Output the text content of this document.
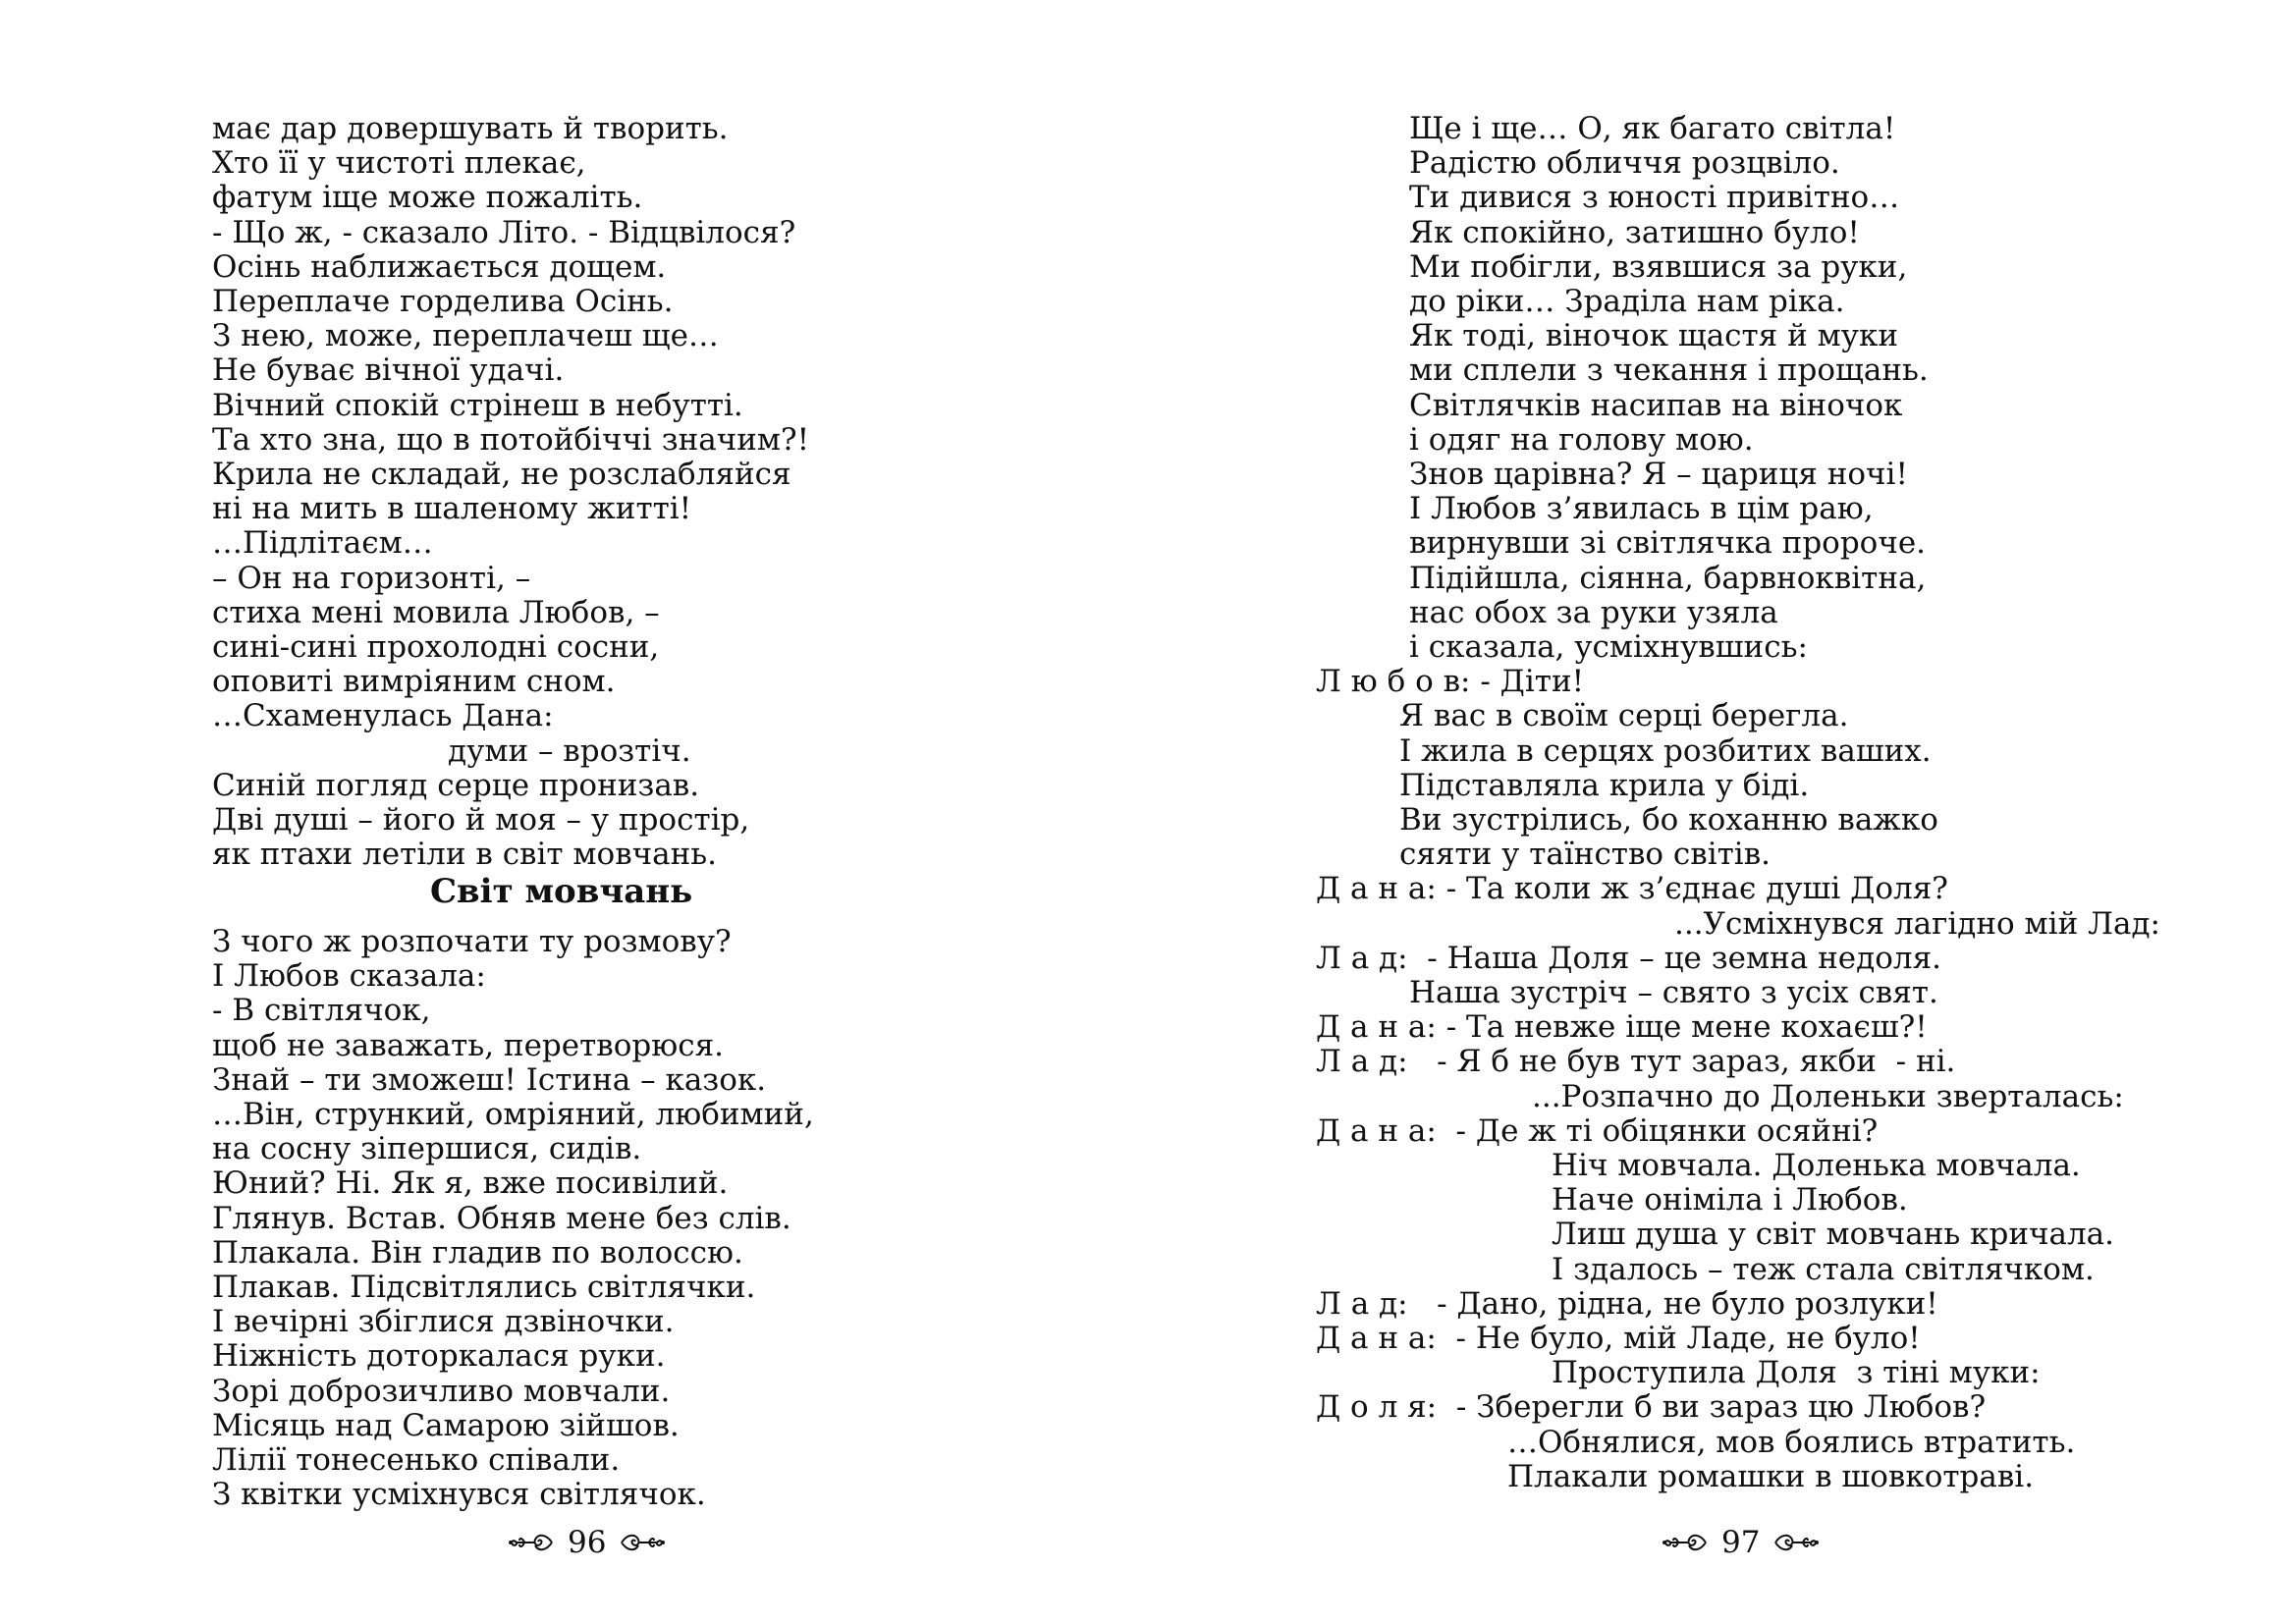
має дар довершувать й творить.
Хто її у чистоті плекає,
фатум іще може пожаліть.
- Що ж, - сказало Літо. - Відцвілося?
Осінь наближається дощем.
Переплаче горделива Осінь.
З нею, може, переплачеш ще…
Не буває вічної удачі.
Вічний спокій стрінеш в небутті.
Та хто зна, що в потойбіччі значим?!
Крила не складай, не розслабляйся
ні на мить в шаленому житті!
…Підлітаєм…
– Он на горизонті, –
стиха мені мовила Любов, –
сині-сині прохолодні сосни,
оповиті вимріяним сном.
…Схаменулась Дана:
думи – врозтіч.
Синій погляд серце пронизав.
Дві душі – його й моя – у простір,
як птахи летіли в світ мовчань.
Світ мовчань
З чого ж розпочати ту розмову?
І Любов сказала:
- В світлячок,
щоб не заважать, перетворюся.
Знай – ти зможеш! Істина – казок.
…Він, стрункий, омріяний, любимий,
на сосну зіпершися, сидів.
Юний? Ні. Як я, вже посивілий.
Глянув. Встав. Обняв мене без слів.
Плакала. Він гладив по волоссю.
Плакав. Підсвітлялись світлячки.
І вечірні збіглися дзвіночки.
Ніжність доторкалася руки.
Зорі доброзичливо мовчали.
Місяць над Самарою зійшов.
Лілії тонесенько співали.
З квітки усміхнувся світлячок.
96
Ще і ще… О, як багато світла!
Радістю обличчя розцвіло.
Ти дивися з юності привітно…
Як спокійно, затишно було!
Ми побігли, взявшися за руки,
до ріки… Зраділа нам ріка.
Як тоді, віночок щастя й муки
ми сплели з чекання і прощань.
Світлячків насипав на віночок
і одяг на голову мою.
Знов царівна? Я – цариця ночі!
І Любов з’явилась в цім раю,
вирнувши зі світлячка пророче.
Підійшла, сіянна, барвноквітна,
нас обох за руки узяла
і сказала, усміхнувшись:
Л ю б о в: - Діти!
Я вас в своїм серці берегла.
І жила в серцях розбитих ваших.
Підставляла крила у біді.
Ви зустрілись, бо коханню важко
сяяти у таїнство світів.
Д а н а: - Та коли ж з’єднає душі Доля?
...Усміхнувся лагідно мій Лад:
Л а д:  - Наша Доля – це земна недоля.
Наша зустріч – свято з усіх свят.
Д а н а: - Та невже іще мене кохаєш?!
Л а д:   - Я б не був тут зараз, якби  - ні.
...Розпачно до Доленьки зверталась:
Д а н а:  - Де ж ті обіцянки осяйні?
Ніч мовчала. Доленька мовчала.
Наче оніміла і Любов.
Лиш душа у світ мовчань кричала.
І здалось – теж стала світлячком.
Л а д:   - Дано, рідна, не було розлуки!
Д а н а:  - Не було, мій Ладе, не було!
Проступила Доля  з тіні муки:
Д о л я:  - Зберегли б ви зараз цю Любов?
…Обнялися, мов боялись втратить.
Плакали ромашки в шовкотраві.
97
